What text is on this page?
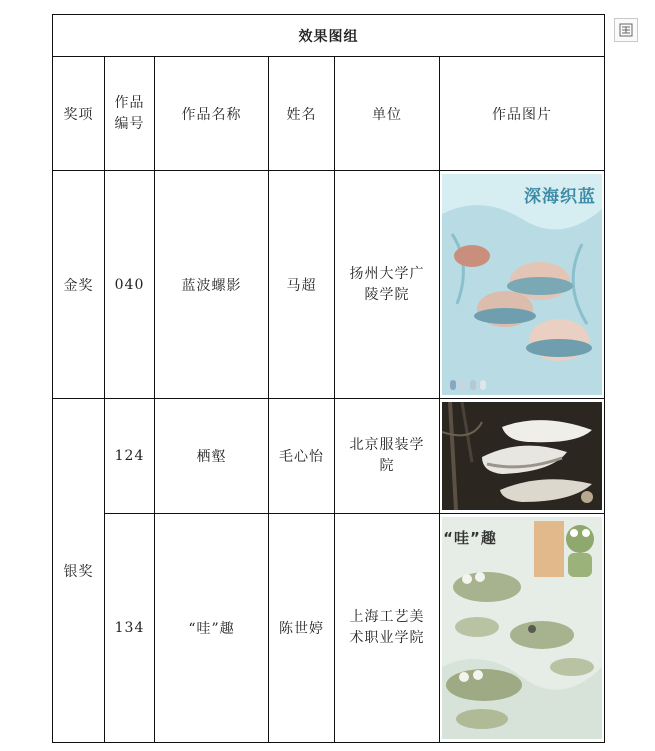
效果图组					
奖项	作品编号	作品名称	姓名	单位	作品图片
金奖	040	蓝波螺影	马超	扬州大学广陵学院	深海织蓝

银奖	124	栖壑	毛心怡	北京服装学院	

	134	“哇”趣	陈世婷	上海工艺美术职业学院	“哇”趣
